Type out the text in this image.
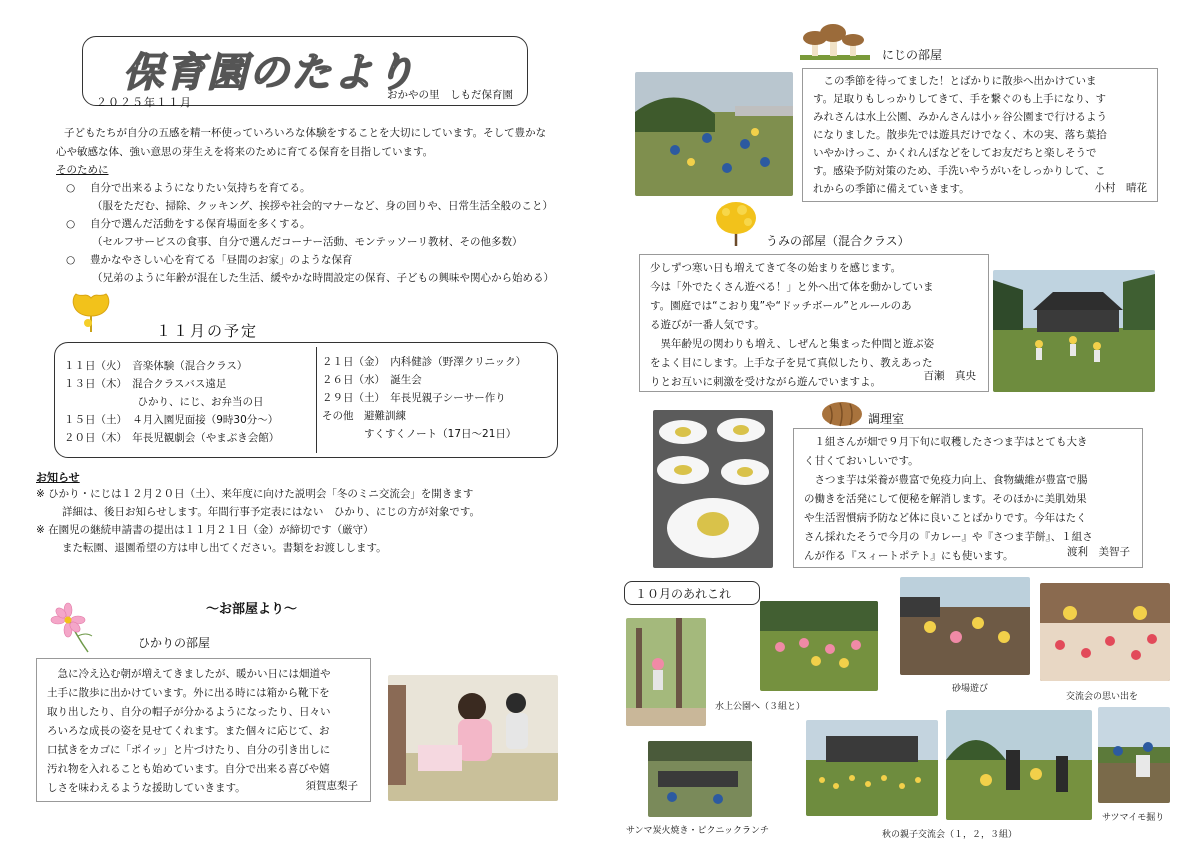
保育園のたより
おかやの里　しもだ保育園
２０２５年１１月
子どもたちが自分の五感を精一杯使っていろいろな体験をすることを大切にしています。そして豊かな
心や敏感な体、強い意思の芽生えを将来のために育てる保育を目指しています。
そのために
○ 自分で出来るようになりたい気持ちを育てる。
（服をただむ、掃除、クッキング、挨拶や社会的マナーなど、身の回りや、日常生活全般のこと）
○ 自分で選んだ活動をする保育場面を多くする。
（セルフサービスの食事、自分で選んだコーナー活動、モンテッソーリ教材、その他多数）
○ 豊かなやさしい心を育てる「昼間のお家」のような保育
（兄弟のように年齢が混在した生活、緩やかな時間設定の保育、子どもの興味や関心から始める）
１１月の予定
１１日（火）　音楽体験（混合クラス）
１３日（木）　混合クラスバス遠足
　　　　　　　ひかり、にじ、お弁当の日
１５日（土）　４月入園児面接（9時30分～）
２０日（木）　年長児観劇会（やまぶき会館）
２１日（金）　内科健診（野澤クリニック）
２６日（水）　誕生会
２９日（土）　年長児親子シーサー作り
その他　避難訓練
　　　　すくすくノート（17日～21日）
お知らせ
※ ひかり・にじは１２月２０日（土）、来年度に向けた説明会「冬のミニ交流会」を開きます
詳細は、後日お知らせします。年間行事予定表にはない　ひかり、にじの方が対象です。
※ 在園児の継続申請書の提出は１１月２１日（金）が締切です（厳守）
また転園、退園希望の方は申し出てください。書類をお渡しします。
～お部屋より～
ひかりの部屋
　急に冷え込む朝が増えてきましたが、暖かい日には畑道や
土手に散歩に出かけています。外に出る時には箱から靴下を
取り出したり、自分の帽子が分かるようになったり、日々い
ろいろな成長の姿を見せてくれます。また個々に応じて、お
口拭きをカゴに「ポイッ」と片づけたり、自分の引き出しに
汚れ物を入れることも始めています。自分で出来る喜びや嬉
しさを味わえるような援助していきます。	須賀恵梨子
にじの部屋
　この季節を待ってました！とばかりに散歩へ出かけていま
す。足取りもしっかりしてきて、手を繋ぐのも上手になり、す
みれさんは水上公園、みかんさんは小ヶ谷公園まで行けるよう
になりました。散歩先では遊具だけでなく、木の実、落ち葉拾
いやかけっこ、かくれんぼなどをしてお友だちと楽しそうで
す。感染予防対策のため、手洗いやうがいをしっかりして、こ
れからの季節に備えていきます。	小村　晴花
うみの部屋（混合クラス）
少しずつ寒い日も増えてきて冬の始まりを感じます。
今は「外でたくさん遊べる！」と外へ出て体を動かしていま
す。園庭では“こおり鬼”や“ドッチボール”とルールのあ
る遊びが一番人気です。
　異年齢児の関わりも増え、しぜんと集まった仲間と遊ぶ姿
をよく目にします。上手な子を見て真似したり、教えあった
りとお互いに刺激を受けながら遊んでいますよ。	百瀬　真央
調理室
　１組さんが畑で９月下旬に収穫したさつま芋はとても大き
く甘くておいしいです。
　さつま芋は栄養が豊富で免疫力向上、食物繊維が豊富で腸
の働きを活発にして便秘を解消します。そのほかに美肌効果
や生活習慣病予防など体に良いことばかりです。今年はたく
さん採れたそうで今月の『カレー』や『さつま芋餅』、１組さ
んが作る『スィートポテト』にも使います。	渡利　美智子
１０月のあれこれ
水上公園へ（３組と）
砂場遊び
交流会の思い出を
サンマ炭火焼き・ピクニックランチ	秋の親子交流会（１，２，３組）
サツマイモ掘り
